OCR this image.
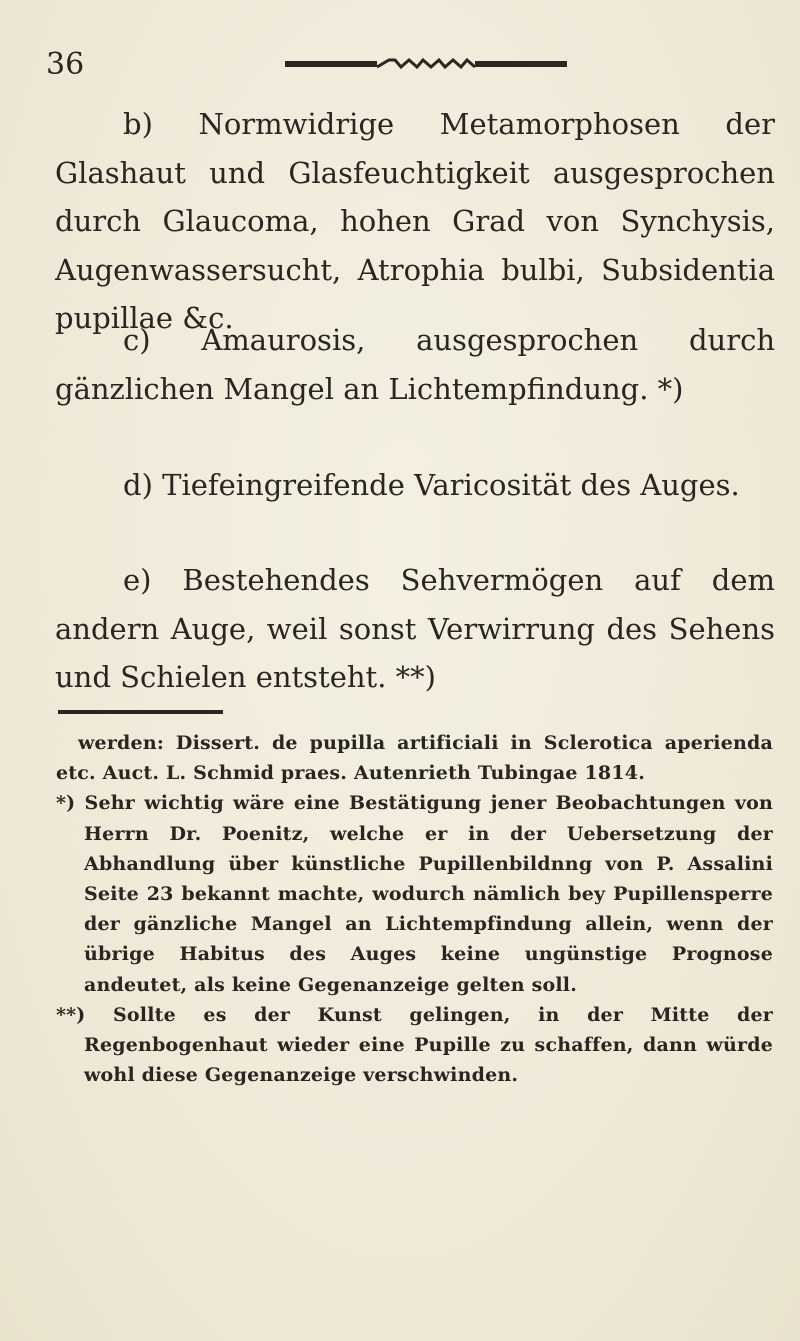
36

b) Normwidrige Metamorphosen der Glashaut und Glasfeuchtigkeit ausgesprochen durch Glaucoma, hohen Grad von Synchysis, Augenwassersucht, Atrophia bulbi, Subsidentia pupillae &c.

c) Amaurosis, ausgesprochen durch gänzlichen Mangel an Lichtempfindung. *)

d) Tiefeingreifende Varicosität des Auges.

e) Bestehendes Sehvermögen auf dem andern Auge, weil sonst Verwirrung des Sehens und Schielen entsteht. **)

werden: Dissert. de pupilla artificiali in Sclerotica aperienda etc. Auct. L. Schmid praes. Autenrieth Tubingae 1814.

*) Sehr wichtig wäre eine Bestätigung jener Beobachtungen von Herrn Dr. Poenitz, welche er in der Uebersetzung der Abhandlung über künstliche Pupillenbildnng von P. Assalini Seite 23 bekannt machte, wodurch nämlich bey Pupillensperre der gänzliche Mangel an Lichtempfindung allein, wenn der übrige Habitus des Auges keine ungünstige Prognose andeutet, als keine Gegenanzeige gelten soll.

**) Sollte es der Kunst gelingen, in der Mitte der Regenbogenhaut wieder eine Pupille zu schaffen, dann würde wohl diese Gegenanzeige verschwinden.
